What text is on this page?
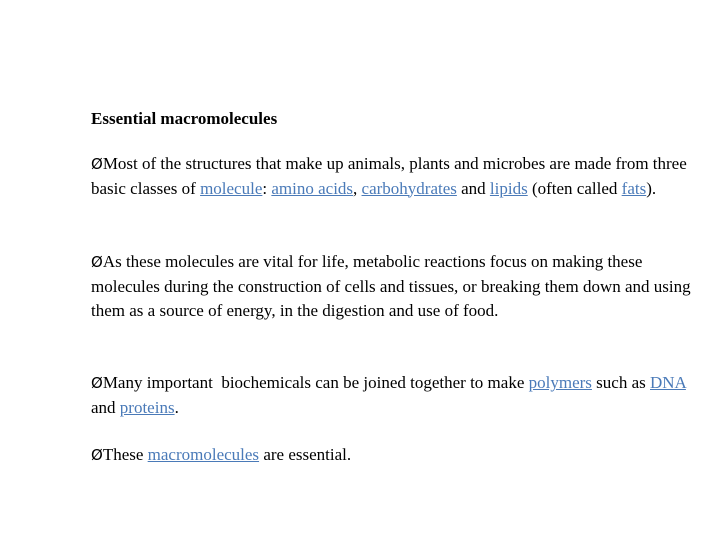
Essential macromolecules
ØMost of the structures that make up animals, plants and microbes are made from three basic classes of molecule: amino acids, carbohydrates and lipids (often called fats).
ØAs these molecules are vital for life, metabolic reactions focus on making these molecules during the construction of cells and tissues, or breaking them down and using them as a source of energy, in the digestion and use of food.
ØMany important  biochemicals can be joined together to make polymers such as DNA and proteins.
ØThese macromolecules are essential.
